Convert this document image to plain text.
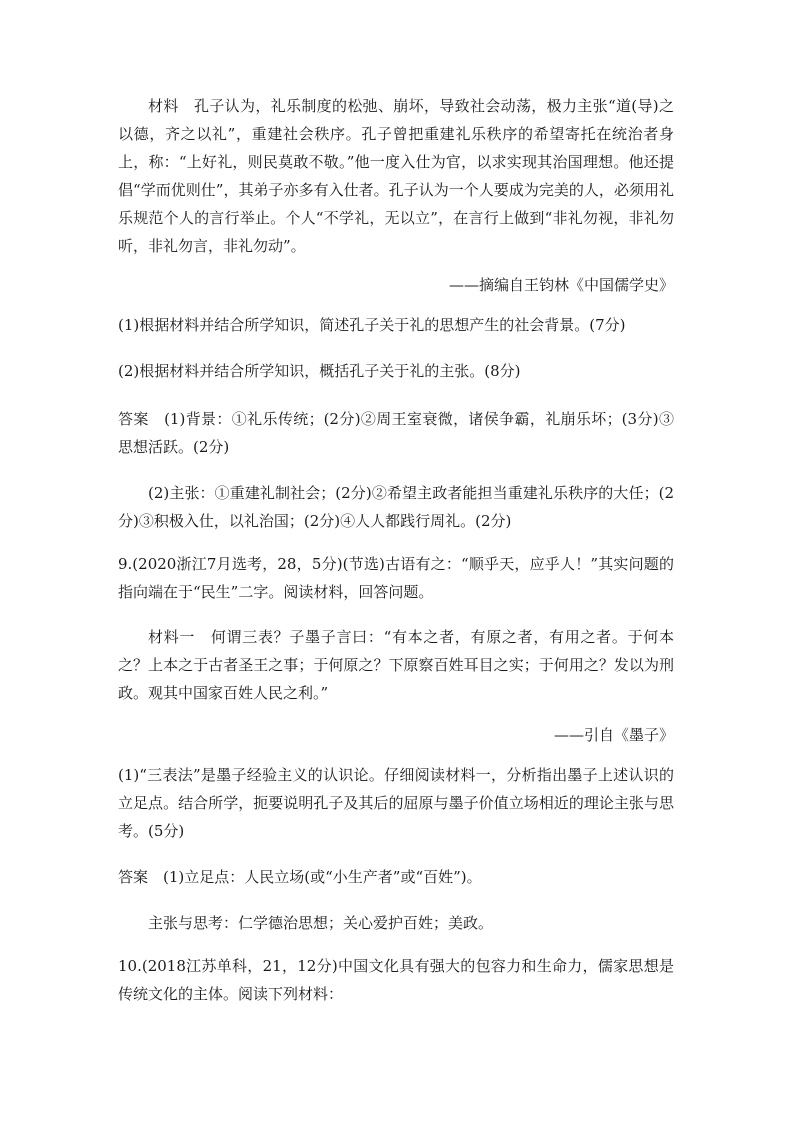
材料　孔子认为，礼乐制度的松弛、崩坏，导致社会动荡，极力主张“道(导)之以德，齐之以礼”，重建社会秩序。孔子曾把重建礼乐秩序的希望寄托在统治者身上，称：“上好礼，则民莫敢不敬。”他一度入仕为官，以求实现其治国理想。他还提倡“学而优则仕”，其弟子亦多有入仕者。孔子认为一个人要成为完美的人，必须用礼乐规范个人的言行举止。个人“不学礼，无以立”，在言行上做到“非礼勿视，非礼勿听，非礼勿言，非礼勿动”。

——摘编自王钧林《中国儒学史》

(1)根据材料并结合所学知识，简述孔子关于礼的思想产生的社会背景。(7分)

(2)根据材料并结合所学知识，概括孔子关于礼的主张。(8分)

答案　(1)背景：①礼乐传统；(2分)②周王室衰微，诸侯争霸，礼崩乐坏；(3分)③思想活跃。(2分)

(2)主张：①重建礼制社会；(2分)②希望主政者能担当重建礼乐秩序的大任；(2分)③积极入仕，以礼治国；(2分)④人人都践行周礼。(2分)

9.(2020浙江7月选考，28，5分)(节选)古语有之：“顺乎天，应乎人！”其实问题的指向端在于“民生”二字。阅读材料，回答问题。

材料一　何谓三表？子墨子言曰：“有本之者，有原之者，有用之者。于何本之？上本之于古者圣王之事；于何原之？下原察百姓耳目之实；于何用之？发以为刑政。观其中国家百姓人民之利。”

——引自《墨子》

(1)“三表法”是墨子经验主义的认识论。仔细阅读材料一，分析指出墨子上述认识的立足点。结合所学，扼要说明孔子及其后的屈原与墨子价值立场相近的理论主张与思考。(5分)

答案　(1)立足点：人民立场(或“小生产者”或“百姓”)。

主张与思考：仁学德治思想；关心爱护百姓；美政。

10.(2018江苏单科，21，12分)中国文化具有强大的包容力和生命力，儒家思想是传统文化的主体。阅读下列材料：
